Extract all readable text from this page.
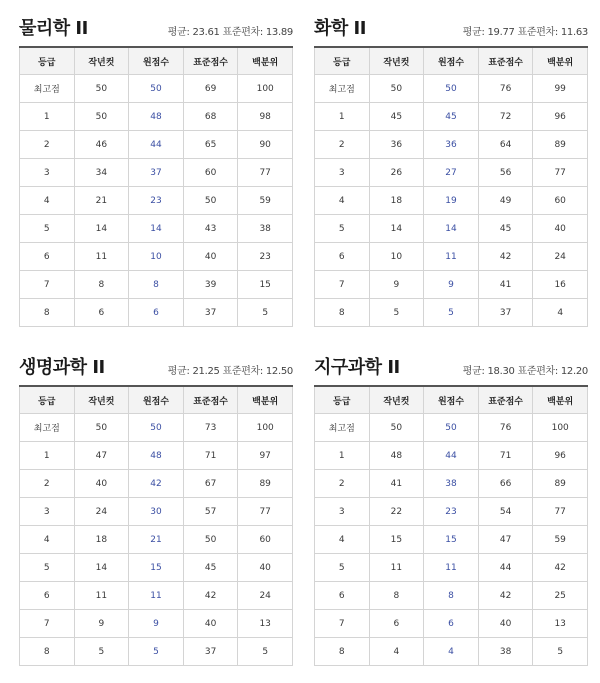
물리학 II	평균: 23.61 표준편차: 13.89
등급	작년컷	원점수	표준점수	백분위
최고점	50	50	69	100
1	50	48	68	98
2	46	44	65	90
3	34	37	60	77
4	21	23	50	59
5	14	14	43	38
6	11	10	40	23
7	8	8	39	15
8	6	6	37	5
화학 II	평균: 19.77 표준편차: 11.63
등급	작년컷	원점수	표준점수	백분위
최고점	50	50	76	99
1	45	45	72	96
2	36	36	64	89
3	26	27	56	77
4	18	19	49	60
5	14	14	45	40
6	10	11	42	24
7	9	9	41	16
8	5	5	37	4
생명과학 II	평균: 21.25 표준편차: 12.50
등급	작년컷	원점수	표준점수	백분위
최고점	50	50	73	100
1	47	48	71	97
2	40	42	67	89
3	24	30	57	77
4	18	21	50	60
5	14	15	45	40
6	11	11	42	24
7	9	9	40	13
8	5	5	37	5
지구과학 II	평균: 18.30 표준편차: 12.20
등급	작년컷	원점수	표준점수	백분위
최고점	50	50	76	100
1	48	44	71	96
2	41	38	66	89
3	22	23	54	77
4	15	15	47	59
5	11	11	44	42
6	8	8	42	25
7	6	6	40	13
8	4	4	38	5
